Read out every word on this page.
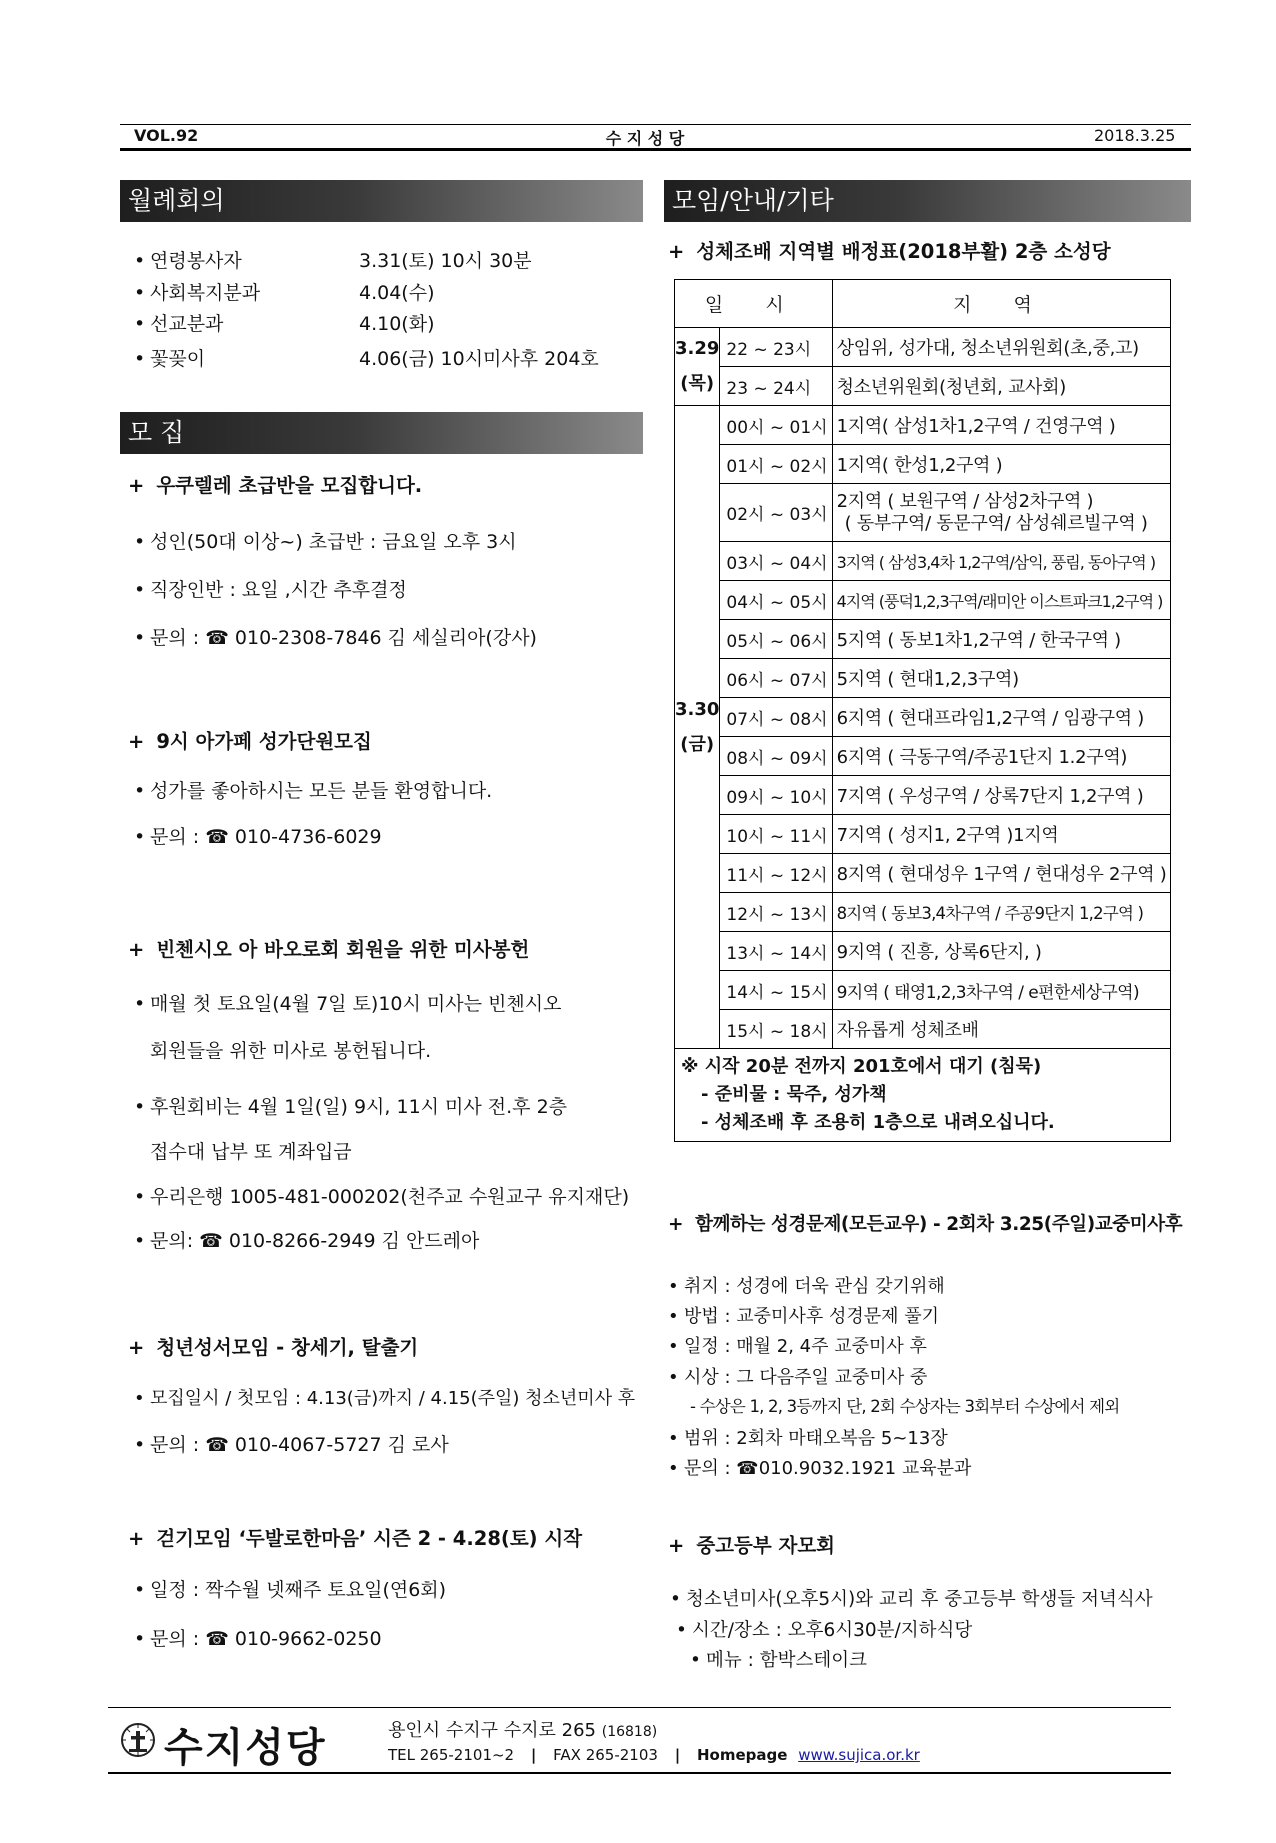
VOL.92	수 지 성 당	2018.3.25
월례회의
• 연령봉사자	3.31(토) 10시 30분
• 사회복지분과	4.04(수)
• 선교분과	4.10(화)
• 꽃꽂이	4.06(금) 10시미사후 204호
모 집
+ 우쿠렐레 초급반을 모집합니다.
• 성인(50대 이상~) 초급반 : 금요일 오후 3시
• 직장인반 : 요일 ,시간 추후결정
• 문의 : ☎ 010-2308-7846 김 세실리아(강사)
+ 9시 아가페 성가단원모집
• 성가를 좋아하시는 모든 분들 환영합니다.
• 문의 : ☎ 010-4736-6029
+ 빈첸시오 아 바오로회 회원을 위한 미사봉헌
• 매월 첫 토요일(4월 7일 토)10시 미사는 빈첸시오
회원들을 위한 미사로 봉헌됩니다.
• 후원회비는 4월 1일(일) 9시, 11시 미사 전.후 2층
접수대 납부 또 계좌입금
• 우리은행 1005-481-000202(천주교 수원교구 유지재단)
• 문의: ☎ 010-8266-2949 김 안드레아
+ 청년성서모임 - 창세기, 탈출기
• 모집일시 / 첫모임 : 4.13(금)까지 / 4.15(주일) 청소년미사 후
• 문의 : ☎ 010-4067-5727 김 로사
+ 걷기모임 ‘두발로한마음’ 시즌 2 - 4.28(토) 시작
• 일정 : 짝수월 넷째주 토요일(연6회)
• 문의 : ☎ 010-9662-0250
모임/안내/기타
+ 성체조배 지역별 배정표(2018부활) 2층 소성당
일 시		지 역

3.29
(목)	22 ~ 23시	상임위, 성가대, 청소년위원회(초,중,고)
	23 ~ 24시	청소년위원회(청년회, 교사회)

3.30
(금)	00시 ~ 01시	1지역( 삼성1차1,2구역 / 건영구역 )
	01시 ~ 02시	1지역( 한성1,2구역 )
	02시 ~ 03시	2지역 ( 보원구역 / 삼성2차구역 )
( 동부구역/ 동문구역/ 삼성쉐르빌구역 )

	03시 ~ 04시	3지역 ( 삼성3,4차 1,2구역/삼익, 풍림, 동아구역 )
	04시 ~ 05시	4지역 (풍덕1,2,3구역/래미안 이스트파크1,2구역 )
	05시 ~ 06시	5지역 ( 동보1차1,2구역 / 한국구역 )
	06시 ~ 07시	5지역 ( 현대1,2,3구역)
	07시 ~ 08시	6지역 ( 현대프라임1,2구역 / 임광구역 )
	08시 ~ 09시	6지역 ( 극동구역/주공1단지 1.2구역)
	09시 ~ 10시	7지역 ( 우성구역 / 상록7단지 1,2구역 )
	10시 ~ 11시	7지역 ( 성지1, 2구역 )1지역
	11시 ~ 12시	8지역 ( 현대성우 1구역 / 현대성우 2구역 )
	12시 ~ 13시	8지역 ( 동보3,4차구역 / 주공9단지 1,2구역 )
	13시 ~ 14시	9지역 ( 진흥, 상록6단지, )
	14시 ~ 15시	9지역 ( 태영1,2,3차구역 / e편한세상구역)
	15시 ~ 18시	자유롭게 성체조배

※ 시작 20분 전까지 201호에서 대기 (침묵)
- 준비물 : 묵주, 성가책
- 성체조배 후 조용히 1층으로 내려오십니다.		
+ 함께하는 성경문제(모든교우) - 2회차 3.25(주일)교중미사후
• 취지 : 성경에 더욱 관심 갖기위해
• 방법 : 교중미사후 성경문제 풀기
• 일정 : 매월 2, 4주 교중미사 후
• 시상 : 그 다음주일 교중미사 중
- 수상은 1, 2, 3등까지 단, 2회 수상자는 3회부터 수상에서 제외
• 범위 : 2회차 마태오복음 5~13장
• 문의 : ☎010.9032.1921 교육분과
+ 중고등부 자모회
• 청소년미사(오후5시)와 교리 후 중고등부 학생들 저녁식사
• 시간/장소 : 오후6시30분/지하식당
• 메뉴 : 함박스테이크
수지성당	용인시 수지구 수지로 265 (16818)
TEL 265-2101~2 | FAX 265-2103 | Homepage www.sujica.or.kr
